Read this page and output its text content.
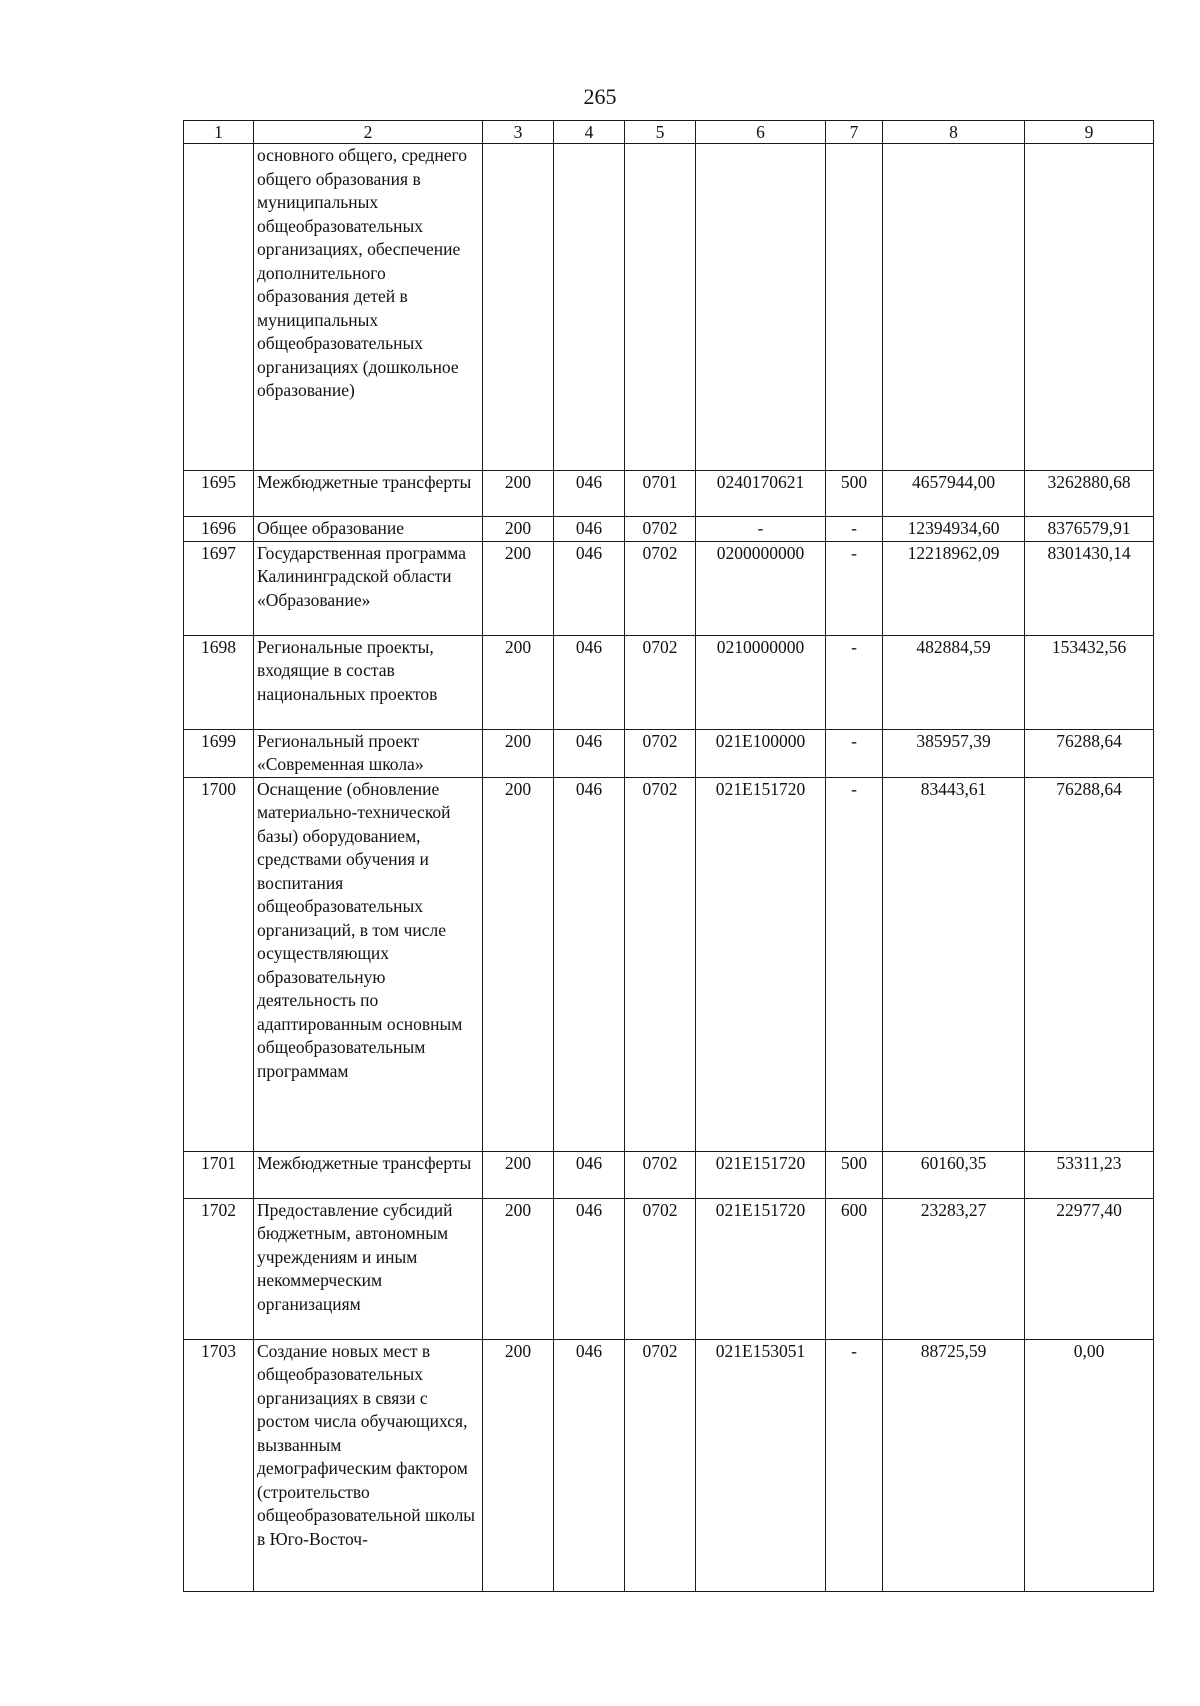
265
1	2	3	4	5	6	7	8	9
	основного общего, среднего общего образования в муниципальных общеобразовательных организациях, обеспечение дополнительного образования детей в муниципальных общеобразовательных организациях (дошкольное образование)							
1695	Межбюджетные трансферты	200	046	0701	0240170621	500	4657944,00	3262880,68
1696	Общее образование	200	046	0702	-	-	12394934,60	8376579,91
1697	Государственная программа Калининградской области «Образование»	200	046	0702	0200000000	-	12218962,09	8301430,14
1698	Региональные проекты, входящие в состав национальных проектов	200	046	0702	0210000000	-	482884,59	153432,56
1699	Региональный проект «Современная школа»	200	046	0702	021E100000	-	385957,39	76288,64
1700	Оснащение (обновление материально-технической базы) оборудованием, средствами обучения и воспитания общеобразовательных организаций, в том числе осуществляющих образовательную деятельность по адаптированным основным общеобразовательным программам	200	046	0702	021E151720	-	83443,61	76288,64
1701	Межбюджетные трансферты	200	046	0702	021E151720	500	60160,35	53311,23
1702	Предоставление субсидий бюджетным, автономным учреждениям и иным некоммерческим организациям	200	046	0702	021E151720	600	23283,27	22977,40
1703	Создание новых мест в общеобразовательных организациях в связи с ростом числа обучающихся, вызванным демографическим фактором (строительство общеобразовательной школы в Юго-Восточ-	200	046	0702	021E153051	-	88725,59	0,00
